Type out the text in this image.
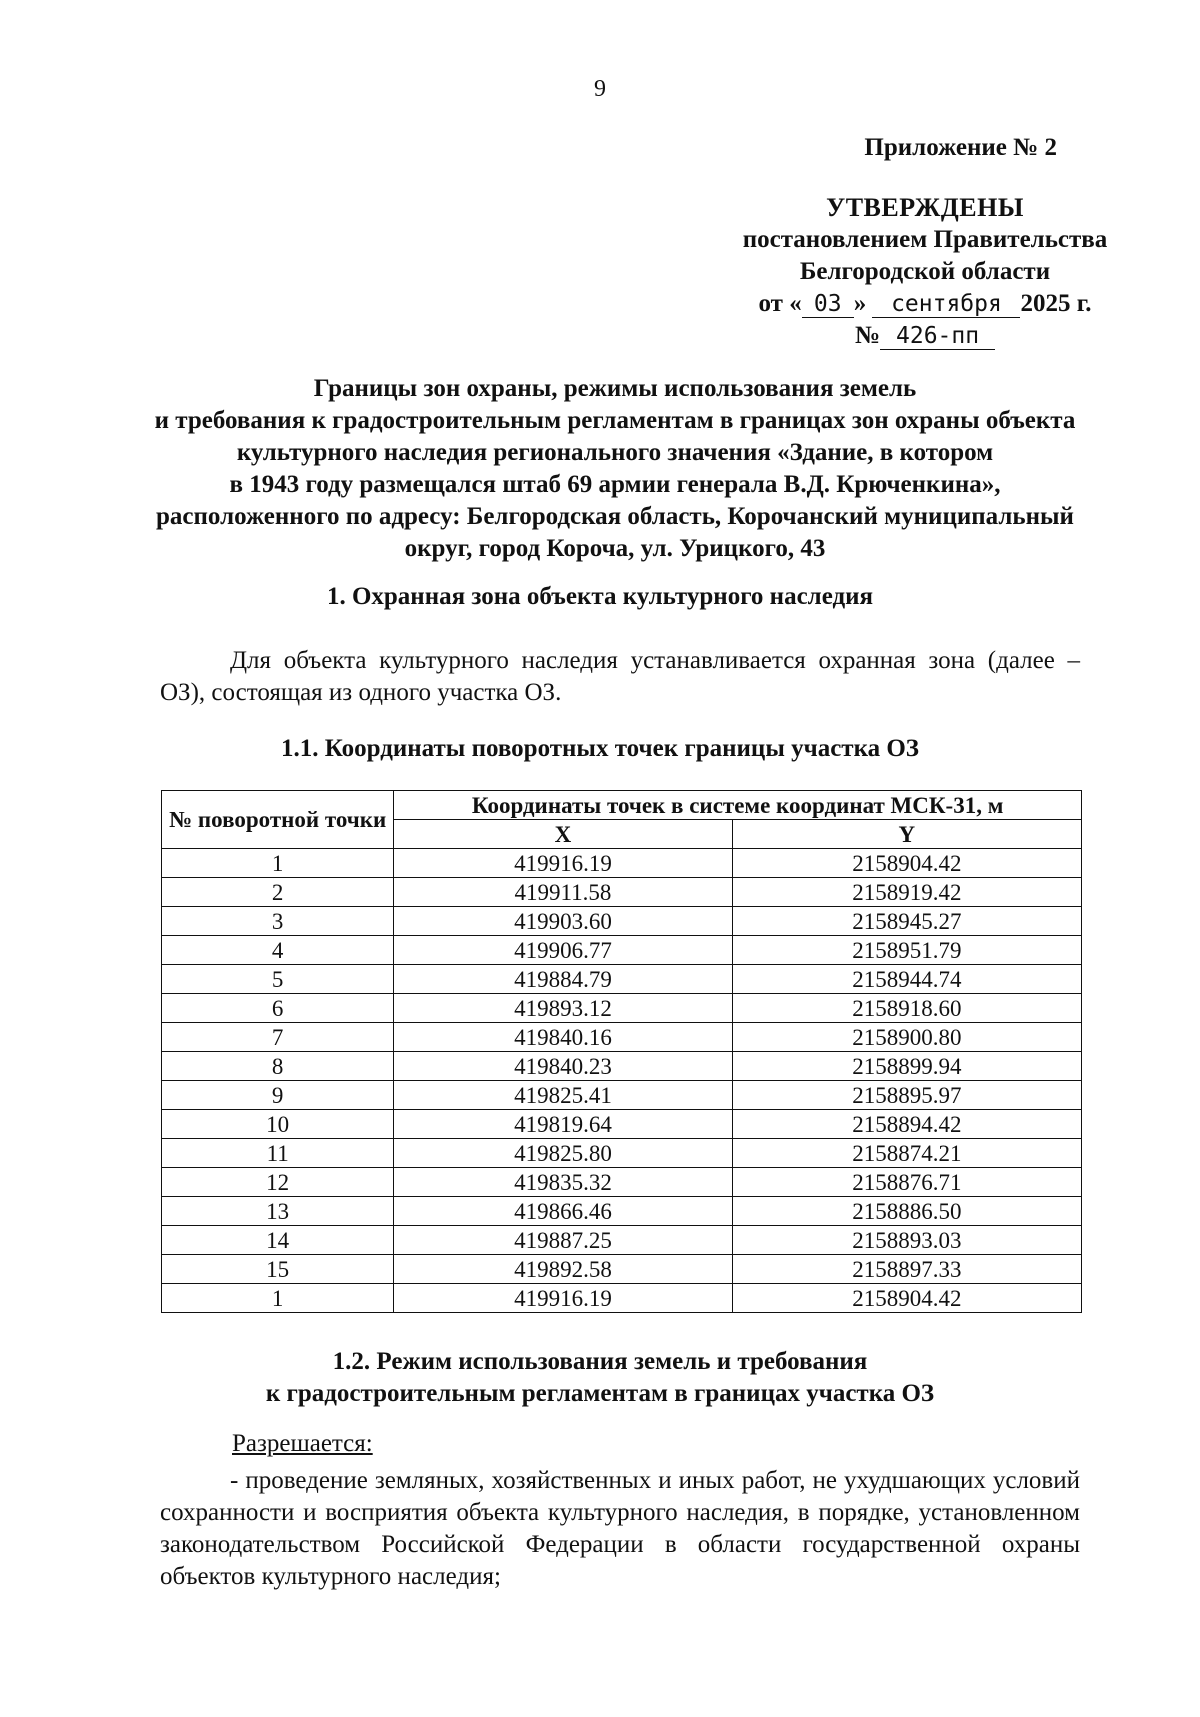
9
Приложение № 2
УТВЕРЖДЕНЫ
постановлением Правительства
Белгородской области
от « 03 » сентября 2025 г.
№ 426-пп
Границы зон охраны, режимы использования земель
и требования к градостроительным регламентам в границах зон охраны объекта
культурного наследия регионального значения «Здание, в котором
в 1943 году размещался штаб 69 армии генерала В.Д. Крюченкина»,
расположенного по адресу: Белгородская область, Корочанский муниципальный
округ, город Короча, ул. Урицкого, 43
1. Охранная зона объекта культурного наследия
Для объекта культурного наследия устанавливается охранная зона (далее – ОЗ), состоящая из одного участка ОЗ.
1.1. Координаты поворотных точек границы участка ОЗ
№ поворотной точки	Координаты точек в системе координат МСК-31, м	
	X	Y
1	419916.19	2158904.42
2	419911.58	2158919.42
3	419903.60	2158945.27
4	419906.77	2158951.79
5	419884.79	2158944.74
6	419893.12	2158918.60
7	419840.16	2158900.80
8	419840.23	2158899.94
9	419825.41	2158895.97
10	419819.64	2158894.42
11	419825.80	2158874.21
12	419835.32	2158876.71
13	419866.46	2158886.50
14	419887.25	2158893.03
15	419892.58	2158897.33
1	419916.19	2158904.42
1.2. Режим использования земель и требования
к градостроительным регламентам в границах участка ОЗ
Разрешается:
- проведение земляных, хозяйственных и иных работ, не ухудшающих условий сохранности и восприятия объекта культурного наследия, в порядке, установленном законодательством Российской Федерации в области государственной охраны объектов культурного наследия;
